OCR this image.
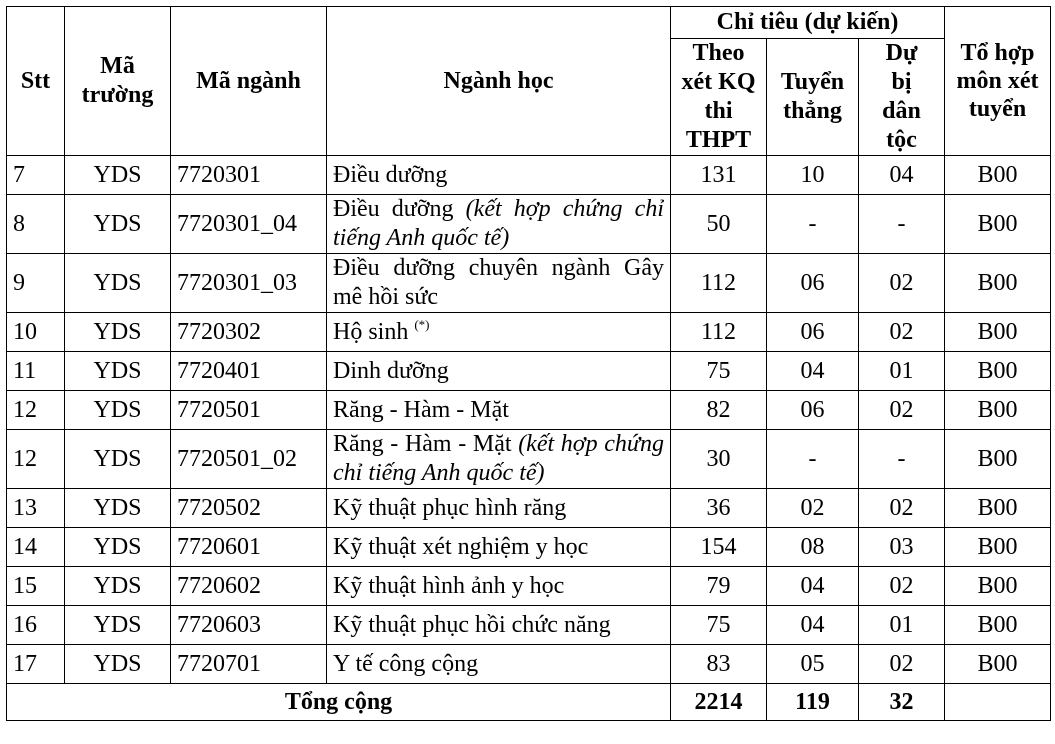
Stt	Mã trường	Mã ngành	Ngành học	Chỉ tiêu (dự kiến)			Tổ hợp môn xét tuyển
				Theo xét KQ thi THPT	Tuyển thẳng	Dự bị dân tộc	
7	YDS	7720301	Điều dưỡng	131	10	04	B00
8	YDS	7720301_04	Điều dưỡng (kết hợp chứng chỉ tiếng Anh quốc tế)	50	-	-	B00
9	YDS	7720301_03	Điều dưỡng chuyên ngành Gây mê hồi sức	112	06	02	B00
10	YDS	7720302	Hộ sinh (*)	112	06	02	B00
11	YDS	7720401	Dinh dưỡng	75	04	01	B00
12	YDS	7720501	Răng - Hàm - Mặt	82	06	02	B00
12	YDS	7720501_02	Răng - Hàm - Mặt (kết hợp chứng chỉ tiếng Anh quốc tế)	30	-	-	B00
13	YDS	7720502	Kỹ thuật phục hình răng	36	02	02	B00
14	YDS	7720601	Kỹ thuật xét nghiệm y học	154	08	03	B00
15	YDS	7720602	Kỹ thuật hình ảnh y học	79	04	02	B00
16	YDS	7720603	Kỹ thuật phục hồi chức năng	75	04	01	B00
17	YDS	7720701	Y tế công cộng	83	05	02	B00
Tổng cộng				2214	119	32	
